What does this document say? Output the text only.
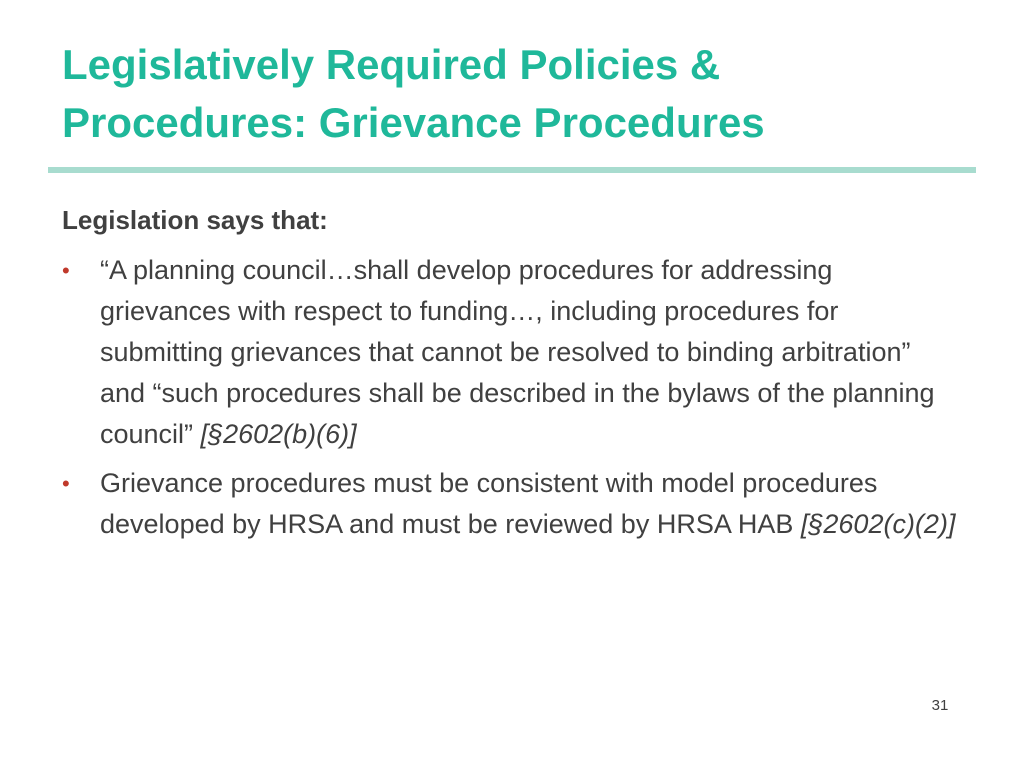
Legislatively Required Policies &
Procedures: Grievance Procedures

Legislation says that:

• “A planning council…shall develop procedures for addressing grievances with respect to funding…, including procedures for submitting grievances that cannot be resolved to binding arbitration” and “such procedures shall be described in the bylaws of the planning council” [§2602(b)(6)]
• Grievance procedures must be consistent with model procedures developed by HRSA and must be reviewed by HRSA HAB [§2602(c)(2)]
31
